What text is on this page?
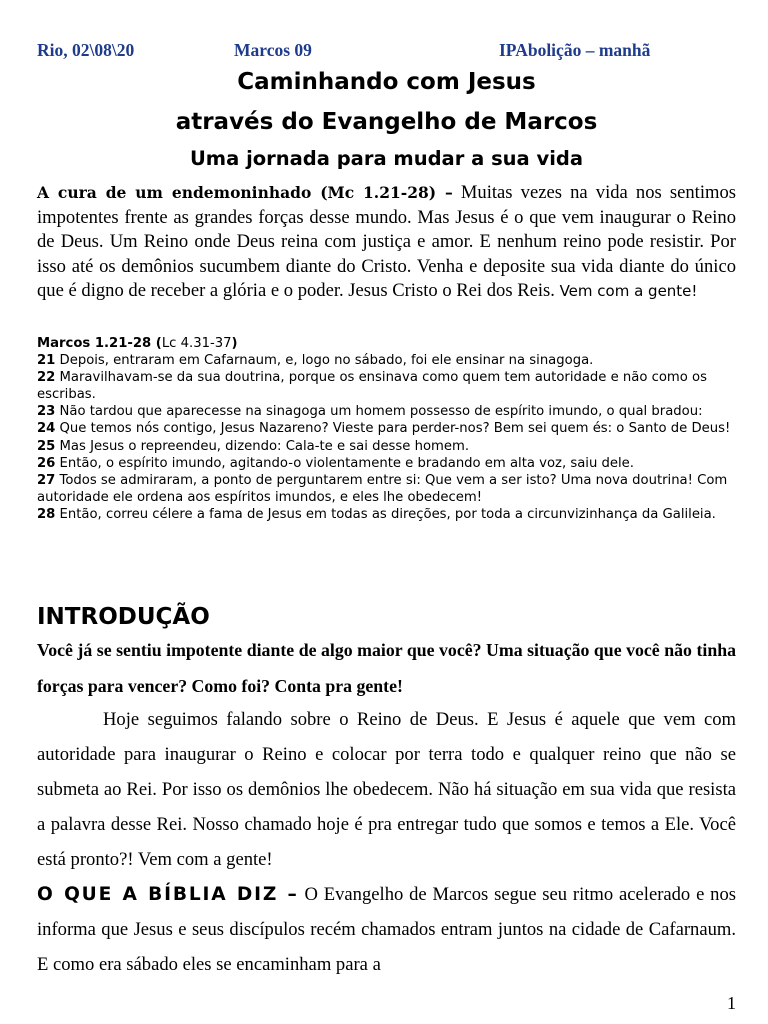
Rio, 02\08\20	Marcos 09	IPAbolição – manhã
Caminhando com Jesus
através do Evangelho de Marcos
Uma jornada para mudar a sua vida
A cura de um endemoninhado (Mc 1.21-28) – Muitas vezes na vida nos sentimos impotentes frente as grandes forças desse mundo. Mas Jesus é o que vem inaugurar o Reino de Deus. Um Reino onde Deus reina com justiça e amor. E nenhum reino pode resistir. Por isso até os demônios sucumbem diante do Cristo. Venha e deposite sua vida diante do único que é digno de receber a glória e o poder. Jesus Cristo o Rei dos Reis. Vem com a gente!
Marcos 1.21-28 (Lc 4.31-37)
21 Depois, entraram em Cafarnaum, e, logo no sábado, foi ele ensinar na sinagoga.
22 Maravilhavam-se da sua doutrina, porque os ensinava como quem tem autoridade e não como os escribas.
23 Não tardou que aparecesse na sinagoga um homem possesso de espírito imundo, o qual bradou:
24 Que temos nós contigo, Jesus Nazareno? Vieste para perder-nos? Bem sei quem és: o Santo de Deus!
25 Mas Jesus o repreendeu, dizendo: Cala-te e sai desse homem.
26 Então, o espírito imundo, agitando-o violentamente e bradando em alta voz, saiu dele.
27 Todos se admiraram, a ponto de perguntarem entre si: Que vem a ser isto? Uma nova doutrina! Com autoridade ele ordena aos espíritos imundos, e eles lhe obedecem!
28 Então, correu célere a fama de Jesus em todas as direções, por toda a circunvizinhança da Galileia.
INTRODUÇÃO
Você já se sentiu impotente diante de algo maior que você? Uma situação que você não tinha forças para vencer? Como foi? Conta pra gente!
Hoje seguimos falando sobre o Reino de Deus. E Jesus é aquele que vem com autoridade para inaugurar o Reino e colocar por terra todo e qualquer reino que não se submeta ao Rei. Por isso os demônios lhe obedecem. Não há situação em sua vida que resista a palavra desse Rei. Nosso chamado hoje é pra entregar tudo que somos e temos a Ele. Você está pronto?! Vem com a gente!
O QUE A BÍBLIA DIZ – O Evangelho de Marcos segue seu ritmo acelerado e nos informa que Jesus e seus discípulos recém chamados entram juntos na cidade de Cafarnaum. E como era sábado eles se encaminham para a
1
